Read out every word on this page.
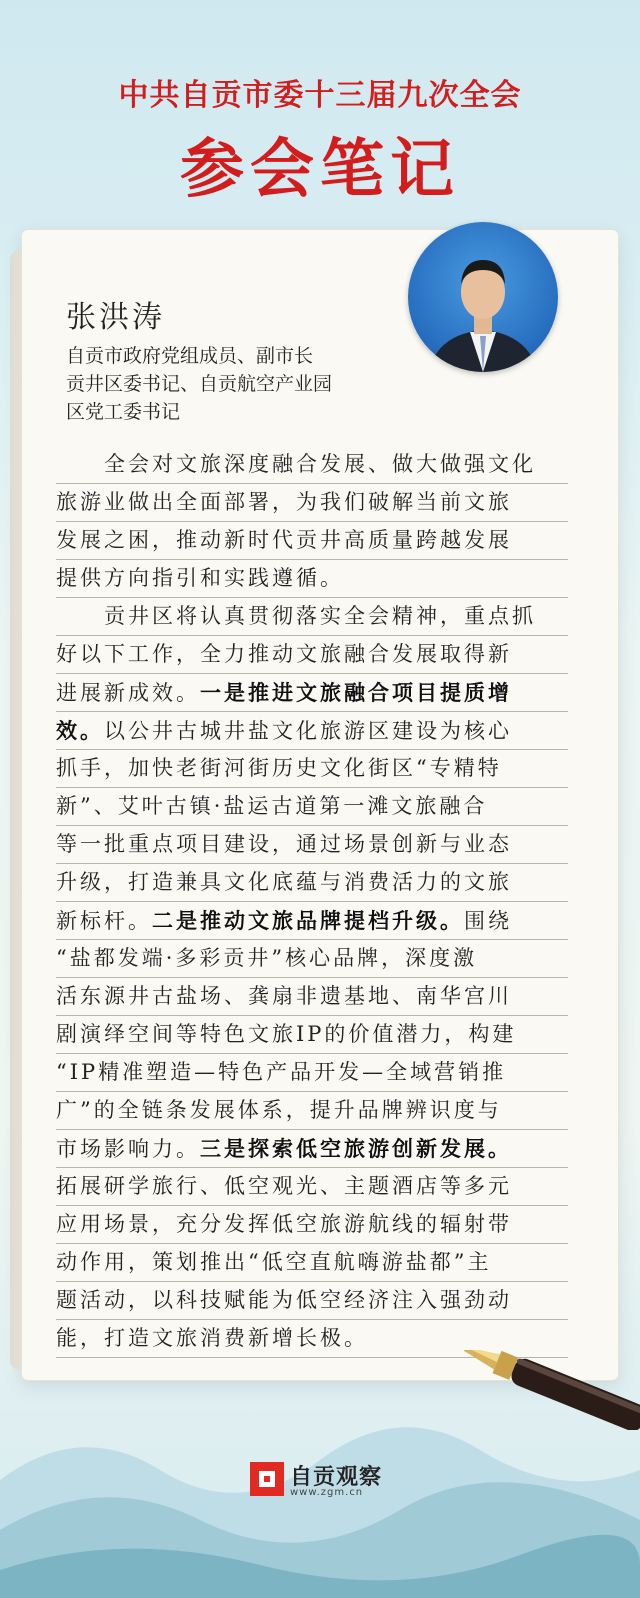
中共自贡市委十三届九次全会
参会笔记
张洪涛
自贡市政府党组成员、副市长
贡井区委书记、自贡航空产业园
区党工委书记
　　全会对文旅深度融合发展、做大做强文化
旅游业做出全面部署，为我们破解当前文旅
发展之困，推动新时代贡井高质量跨越发展
提供方向指引和实践遵循。
　　贡井区将认真贯彻落实全会精神，重点抓
好以下工作，全力推动文旅融合发展取得新
进展新成效。一是推进文旅融合项目提质增
效。以公井古城井盐文化旅游区建设为核心
抓手，加快老街河街历史文化街区“专精特
新”、艾叶古镇·盐运古道第一滩文旅融合
等一批重点项目建设，通过场景创新与业态
升级，打造兼具文化底蕴与消费活力的文旅
新标杆。二是推动文旅品牌提档升级。围绕
“盐都发端·多彩贡井”核心品牌，深度激
活东源井古盐场、龚扇非遗基地、南华宫川
剧演绎空间等特色文旅IP的价值潜力，构建
“IP精准塑造—特色产品开发—全域营销推
广”的全链条发展体系，提升品牌辨识度与
市场影响力。三是探索低空旅游创新发展。
拓展研学旅行、低空观光、主题酒店等多元
应用场景，充分发挥低空旅游航线的辐射带
动作用，策划推出“低空直航嗨游盐都”主
题活动，以科技赋能为低空经济注入强劲动
能，打造文旅消费新增长极。
自贡观察
www.zgm.cn
